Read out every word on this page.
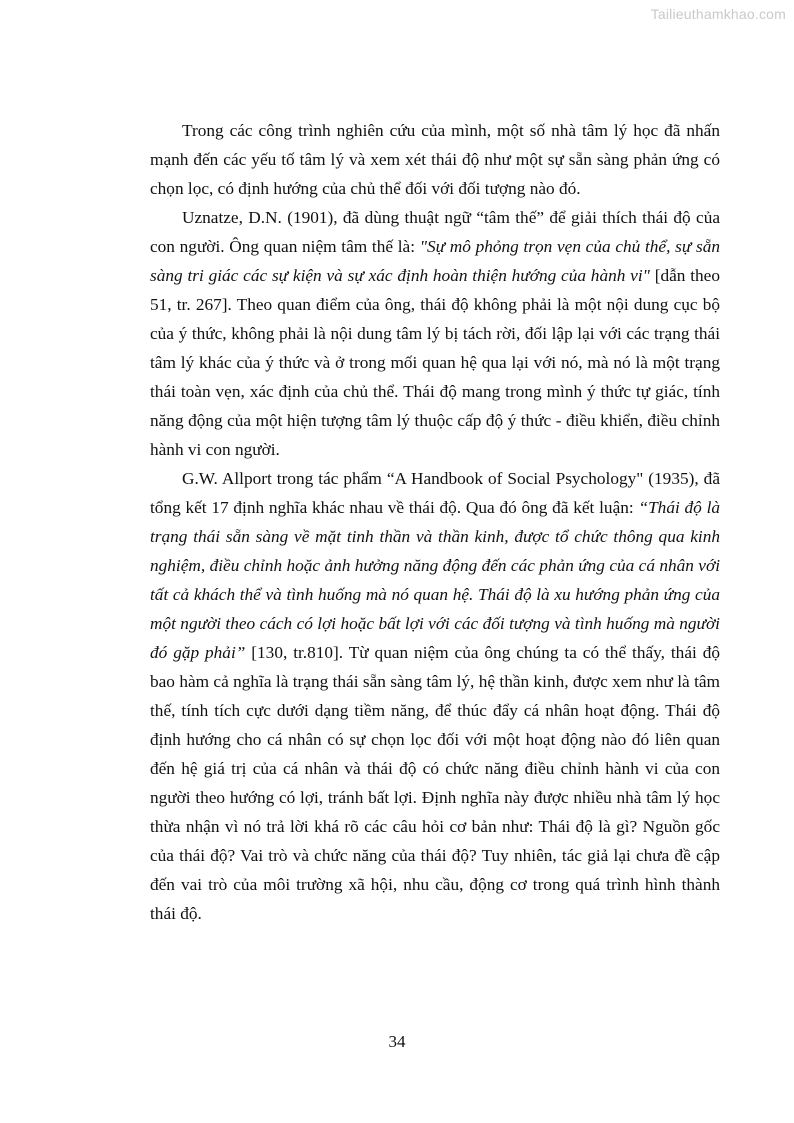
Tailieuthamkhao.com

Trong các công trình nghiên cứu của mình, một số nhà tâm lý học đã nhấn mạnh đến các yếu tố tâm lý và xem xét thái độ như một sự sẵn sàng phản ứng có chọn lọc, có định hướng của chủ thể đối với đối tượng nào đó.

Uznatze, D.N. (1901), đã dùng thuật ngữ “tâm thế” để giải thích thái độ của con người. Ông quan niệm tâm thế là: "Sự mô phỏng trọn vẹn của chủ thể, sự sẵn sàng tri giác các sự kiện và sự xác định hoàn thiện hướng của hành vi" [dẫn theo 51, tr. 267]. Theo quan điểm của ông, thái độ không phải là một nội dung cục bộ của ý thức, không phải là nội dung tâm lý bị tách rời, đối lập lại với các trạng thái tâm lý khác của ý thức và ở trong mối quan hệ qua lại với nó, mà nó là một trạng thái toàn vẹn, xác định của chủ thể. Thái độ mang trong mình ý thức tự giác, tính năng động của một hiện tượng tâm lý thuộc cấp độ ý thức - điều khiển, điều chỉnh hành vi con người.

G.W. Allport trong tác phẩm “A Handbook of Social Psychology" (1935), đã tổng kết 17 định nghĩa khác nhau về thái độ. Qua đó ông đã kết luận: “Thái độ là trạng thái sẵn sàng về mặt tinh thần và thần kinh, được tổ chức thông qua kinh nghiệm, điều chỉnh hoặc ảnh hưởng năng động đến các phản ứng của cá nhân với tất cả khách thể và tình huống mà nó quan hệ. Thái độ là xu hướng phản ứng của một người theo cách có lợi hoặc bất lợi với các đối tượng và tình huống mà người đó gặp phải” [130, tr.810]. Từ quan niệm của ông chúng ta có thể thấy, thái độ bao hàm cả nghĩa là trạng thái sẵn sàng tâm lý, hệ thần kinh, được xem như là tâm thế, tính tích cực dưới dạng tiềm năng, để thúc đẩy cá nhân hoạt động. Thái độ định hướng cho cá nhân có sự chọn lọc đối với một hoạt động nào đó liên quan đến hệ giá trị của cá nhân và thái độ có chức năng điều chỉnh hành vi của con người theo hướng có lợi, tránh bất lợi. Định nghĩa này được nhiều nhà tâm lý học thừa nhận vì nó trả lời khá rõ các câu hỏi cơ bản như: Thái độ là gì? Nguồn gốc của thái độ? Vai trò và chức năng của thái độ? Tuy nhiên, tác giả lại chưa đề cập đến vai trò của môi trường xã hội, nhu cầu, động cơ trong quá trình hình thành thái độ.

34
